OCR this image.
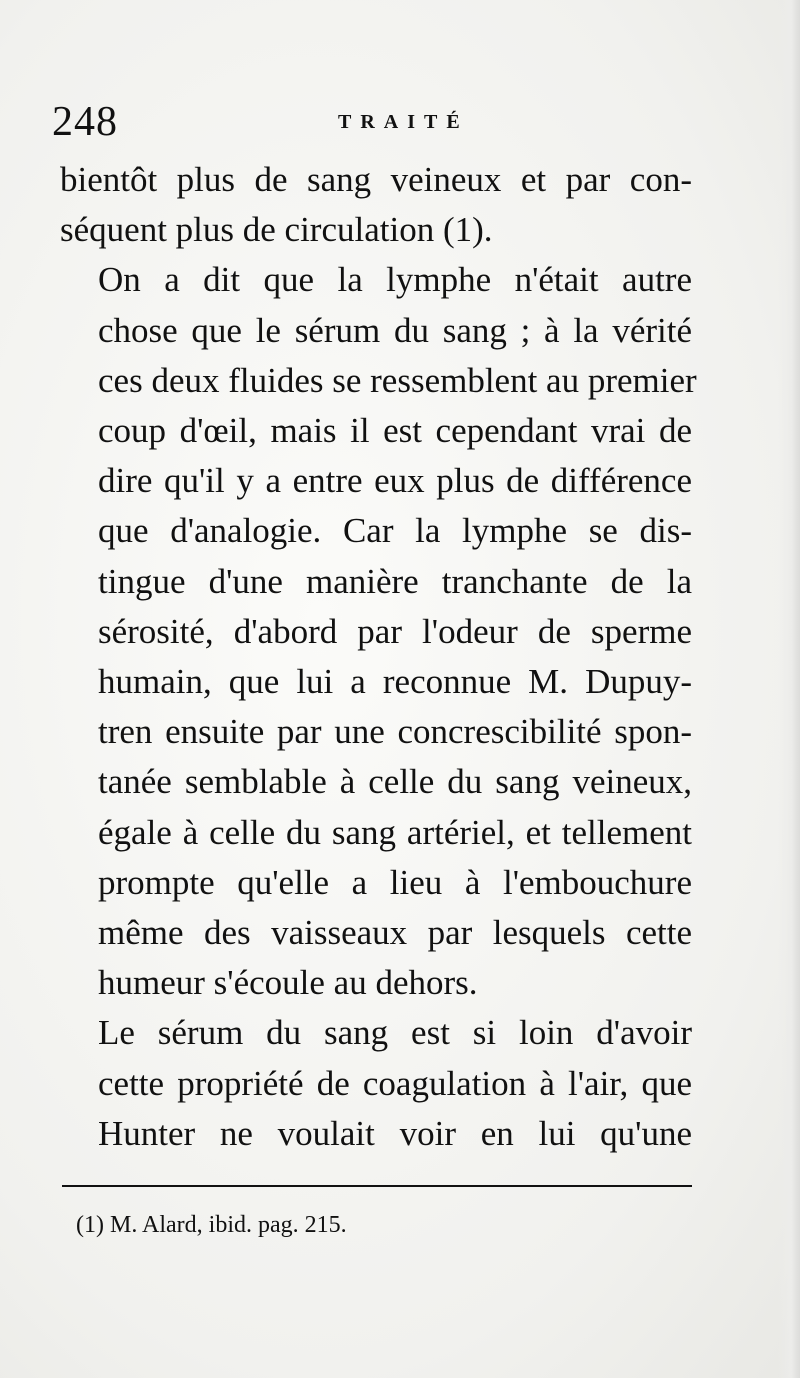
248	TRAITÉ

bientôt plus de sang veineux et par con-
séquent plus de circulation (1).

On a dit que la lymphe n'était autre
chose que le sérum du sang ; à la vérité
ces deux fluides se ressemblent au premier
coup d'œil, mais il est cependant vrai de
dire qu'il y a entre eux plus de différence
que d'analogie. Car la lymphe se dis-
tingue d'une manière tranchante de la
sérosité, d'abord par l'odeur de sperme
humain, que lui a reconnue M. Dupuy-
tren ensuite par une concrescibilité spon-
tanée semblable à celle du sang veineux,
égale à celle du sang artériel, et tellement
prompte qu'elle a lieu à l'embouchure
même des vaisseaux par lesquels cette
humeur s'écoule au dehors.

Le sérum du sang est si loin d'avoir
cette propriété de coagulation à l'air, que
Hunter ne voulait voir en lui qu'une

(1) M. Alard, ibid. pag. 215.
